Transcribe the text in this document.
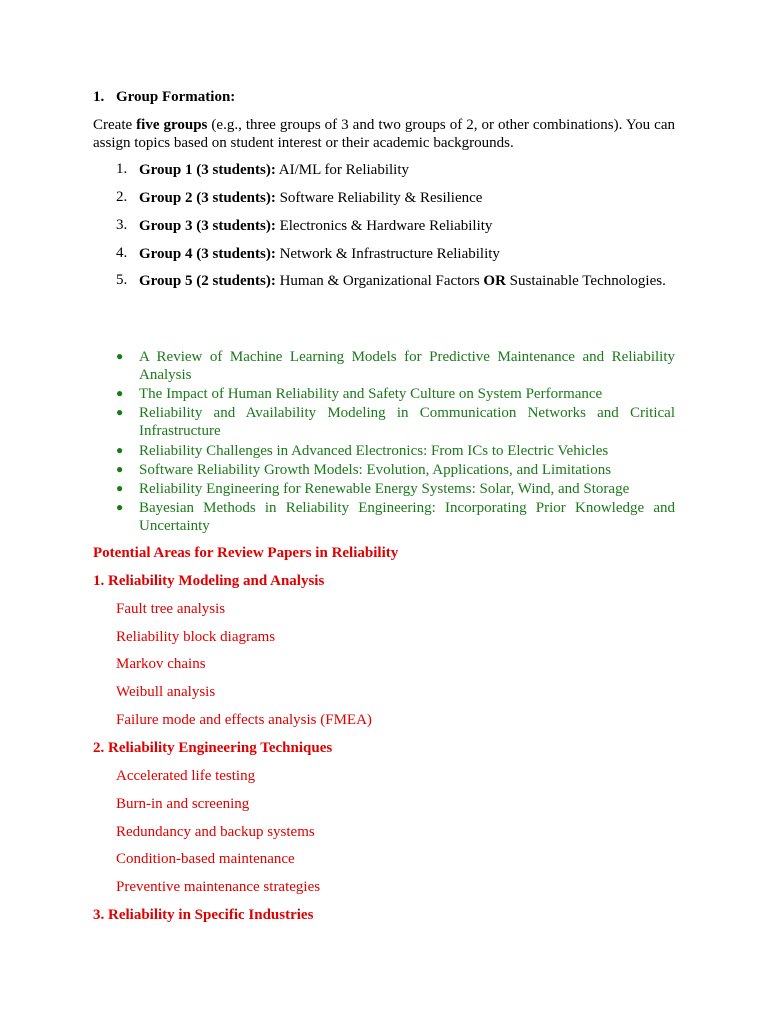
1. Group Formation:
Create five groups (e.g., three groups of 3 and two groups of 2, or other combinations). You can assign topics based on student interest or their academic backgrounds.
1. Group 1 (3 students): AI/ML for Reliability
2. Group 2 (3 students): Software Reliability & Resilience
3. Group 3 (3 students): Electronics & Hardware Reliability
4. Group 4 (3 students): Network & Infrastructure Reliability
5. Group 5 (2 students): Human & Organizational Factors OR Sustainable Technologies.
● A Review of Machine Learning Models for Predictive Maintenance and Reliability Analysis
● The Impact of Human Reliability and Safety Culture on System Performance
● Reliability and Availability Modeling in Communication Networks and Critical Infrastructure
● Reliability Challenges in Advanced Electronics: From ICs to Electric Vehicles
● Software Reliability Growth Models: Evolution, Applications, and Limitations
● Reliability Engineering for Renewable Energy Systems: Solar, Wind, and Storage
● Bayesian Methods in Reliability Engineering: Incorporating Prior Knowledge and Uncertainty
Potential Areas for Review Papers in Reliability
1. Reliability Modeling and Analysis
Fault tree analysis
Reliability block diagrams
Markov chains
Weibull analysis
Failure mode and effects analysis (FMEA)
2. Reliability Engineering Techniques
Accelerated life testing
Burn-in and screening
Redundancy and backup systems
Condition-based maintenance
Preventive maintenance strategies
3. Reliability in Specific Industries
